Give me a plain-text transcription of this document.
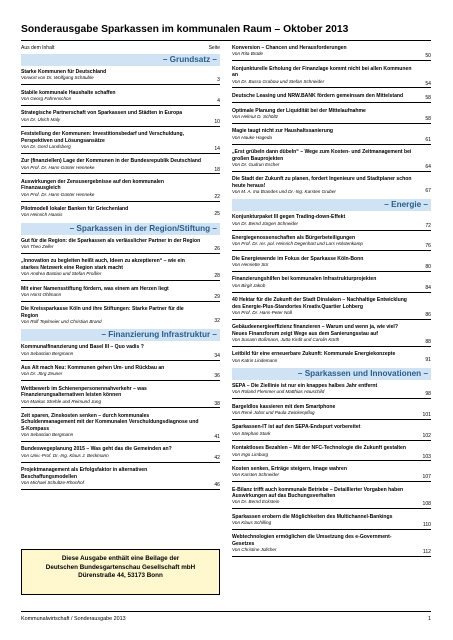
Sonderausgabe Sparkassen im kommunalen Raum – Oktober 2013
Aus dem Inhalt	Seite
– Grundsatz –
Starke Kommunen für Deutschland
Vorwort von Dr. Wolfgang Schäuble	3
Stabile kommunale Haushalte schaffen
Von Georg Fahrenschon	4
Strategische Partnerschaft von Sparkassen und Städten in Europa
Von Dr. Ulrich Maly	10
Feststellung der Kommunen: Investitionsbedarf und Verschuldung, Perspektiven und Lösungsansätze
Von Dr. Gerd Landsberg	14
Zur (finanziellen) Lage der Kommunen in der Bundesrepublik Deutschland
Von Prof. Dr. Hans-Günter Henneke	18
Auswirkungen der Zensusergebnisse auf den kommunalen Finanzausgleich
Von Prof. Dr. Hans-Günter Henneke	22
Pilotmodell lokaler Banken für Griechenland
Von Heinrich Haasis	25
– Sparkassen in der Region/Stiftung –
Gut für die Region: die Sparkassen als verlässlicher Partner in der Region
Von Theo Zeller	26
„Innovation zu begleiten heißt auch, Ideen zu akzeptieren“ – wie ein starkes Netzwerk eine Region stark macht
Von Andrea Bastian und Stefan Proßler	28
Mit einer Namensstiftung fördern, was einem am Herzen liegt
Von Horst Ohlmann	29
Die Kreissparkasse Köln und ihre Stiftungen: Starke Partner für die Region
Von Rolf Teplmeier und Christian Brand	32
– Finanzierung Infrastruktur –
Kommunalfinanzierung und Basel III – Quo vadis ?
Von Sebastian Bergmann	34
Aus Alt mach Neu: Kommunen gehen Um- und Rückbau an
Von Dr. Jörg Zeuner	36
Wettbewerb im Schienenpersonennahverkehr – was Finanzierungsalternativen leisten können
Von Markus Strehle und Reimund Jung	38
Zeit sparen, Zinskosten senken – durch kommunales Schuldenmanagement mit der Kommunalen Verschuldungsdiagnose und S-Kompass
Von Sebastian Bergmann	41
Bundeswegeplanung 2015 – Was geht das die Gemeinden an?
Von Univ.-Prof. Dr.-Ing. Klaus J. Beckmann	42
Projektmanagement als Erfolgsfaktor in alternativen Beschaffungsmodellen
Von Michael Schultze-Rhonhof	46
Diese Ausgabe enthält eine Beilage der
Deutschen Bundesgartenschau Gesellschaft mbH
Dürenstraße 44, 53173 Bonn
Konversion – Chancen und Herausforderungen
Von Rita Brüde	50
Konjunkturelle Erholung der Finanzlage kommt nicht bei allen Kommunen an
Von Dr. Busso Grabow und Stefan Schneider	54
Deutsche Leasing und NRW.BANK fördern gemeinsam den Mittelstand	58
Optimale Planung der Liquidität bei der Mittelaufnahme
Von Helmut D. Schöltz	58
Magie taugt nicht zur Haushaltssanierung
Von Hauke Hageda	61
„Erst grübeln dann dübeln“ – Wege zum Kosten- und Zeitmanagement bei großen Bauprojekten
Von Dr. Gudrun Escher	64
Die Stadt der Zukunft zu planen, fordert Ingenieure und Stadtplaner schon heute heraus!
Von M. A. Ina Brandes und Dr.-Ing. Karsten Gruber	67
– Energie –
Konjunkturpaket III gegen Trading-down-Effekt
Von Dr. Bernd Jürgen Schneider	72
Energiegenossenschaften als Bürgerbeteiligungen
Von Prof. Dr. rer. pol. Heinrich Degenhart und Lars Holstenkamp	76
Die Energiewende im Fokus der Sparkasse Köln-Bonn
Von Henriette Sür	80
Finanzierungshilfen bei kommunalen Infrastrukturprojekten
Von Birgit Jakob	84
40 Hektar für die Zukunft der Stadt Dinslaken – Nachhaltige Entwicklung des Energie-Plus-Standortes Kreativ.Quartier Lohberg
Von Prof. Dr. Hans-Peter Noll	86
Gebäudeenergieeffizienz finanzieren – Warum und wenn ja, wie viel? Neues Finanzforum zeigt Wege aus dem Sanierungsstau auf
Von Susann Boßmann, Jutta Kirdit und Carolin Kürth	88
Leitbild für eine erneuerbare Zukunft: Kommunale Energiekonzepte
Von Katrin Lindemann	91
– Sparkassen und Innovationen –
SEPA – Die Ziellinie ist nur ein knappes halbes Jahr entfernt
Von Roland Flemmer und Matthias Hauschild	98
Bargeldlos kassieren mit dem Smartphone
Von René Jobst und Paula Zwickenpflug	101
Sparkassen-IT ist auf den SEPA-Endspurt vorbereitet
Von Stephan Stark	102
Kontaktloses Bezahlen – Mit der NFC-Technologie die Zukunft gestalten
Von Ingo Limburg	103
Kosten senken, Erträge steigern, Image wahren
Von Karsten Schneider	107
E-Bilanz trifft auch kommunale Betriebe – Detaillierter Vorgaben haben Auswirkungen auf das Buchungsverhalten
Von Dr. Bernd Eckstein	108
Sparkassen erobern die Möglichkeiten des Multichannel-Bankings
Von Klaus Schilling	110
Webtechnologien ermöglichen die Umsetzung des e-Government-Gesetzes
Von Christine Jülicher	112
Kommunalwirtschaft / Sonderausgabe 2013	1
